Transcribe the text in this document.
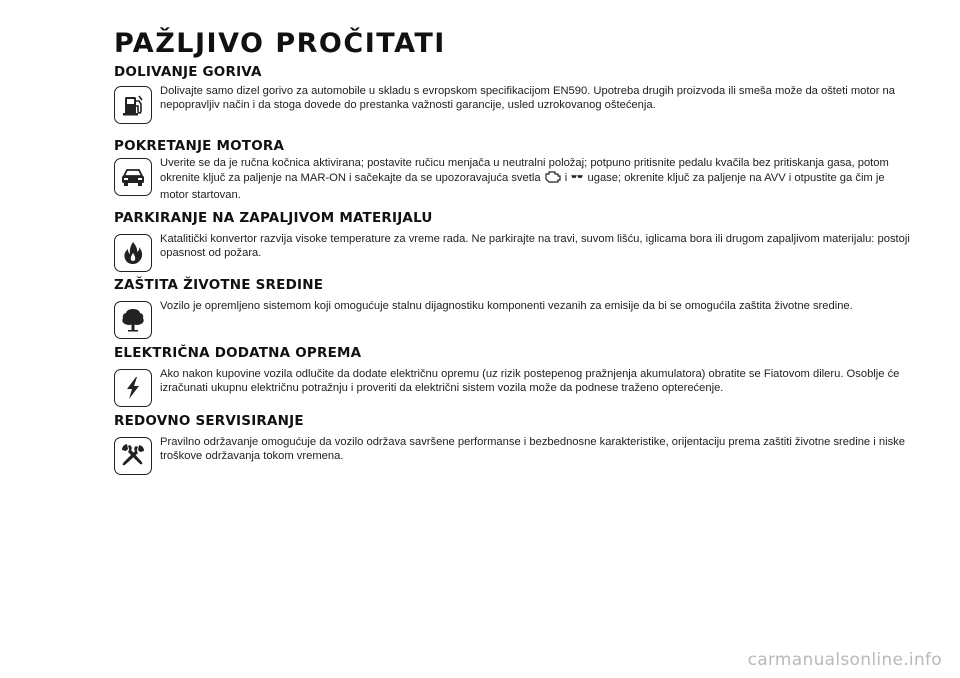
PAŽLJIVO PROČITATI
DOLIVANJE GORIVA

Dolivajte samo dizel gorivo za automobile u skladu s evropskom specifikacijom EN590. Upotreba drugih proizvoda ili smeša može da ošteti motor na nepopravljiv način i da stoga dovede do prestanka važnosti garancije, usled uzrokovanog oštećenja.

POKRETANJE MOTORA

Uverite se da je ručna kočnica aktivirana; postavite ručicu menjača u neutralni položaj; potpuno pritisnite pedalu kvačila bez pritiskanja gasa, potom okrenite ključ za paljenje na MAR-ON i sačekajte da se upozoravajuća svetla i ugase; okrenite ključ za paljenje na AVV i otpustite ga čim je motor startovan.

PARKIRANJE NA ZAPALJIVOM MATERIJALU

Katalitički konvertor razvija visoke temperature za vreme rada. Ne parkirajte na travi, suvom lišću, iglicama bora ili drugom zapaljivom materijalu: postoji opasnost od požara.

ZAŠTITA ŽIVOTNE SREDINE

Vozilo je opremljeno sistemom koji omogućuje stalnu dijagnostiku komponenti vezanih za emisije da bi se omogućila zaštita životne sredine.

ELEKTRIČNA DODATNA OPREMA

Ako nakon kupovine vozila odlučite da dodate električnu opremu (uz rizik postepenog pražnjenja akumulatora) obratite se Fiatovom dileru. Osoblje će izračunati ukupnu električnu potražnju i proveriti da električni sistem vozila može da podnese traženo opterećenje.

REDOVNO SERVISIRANJE

Pravilno održavanje omogućuje da vozilo održava savršene performanse i bezbednosne karakteristike, orijentaciju prema zaštiti životne sredine i niske troškove održavanja tokom vremena.

carmanualsonline.info
